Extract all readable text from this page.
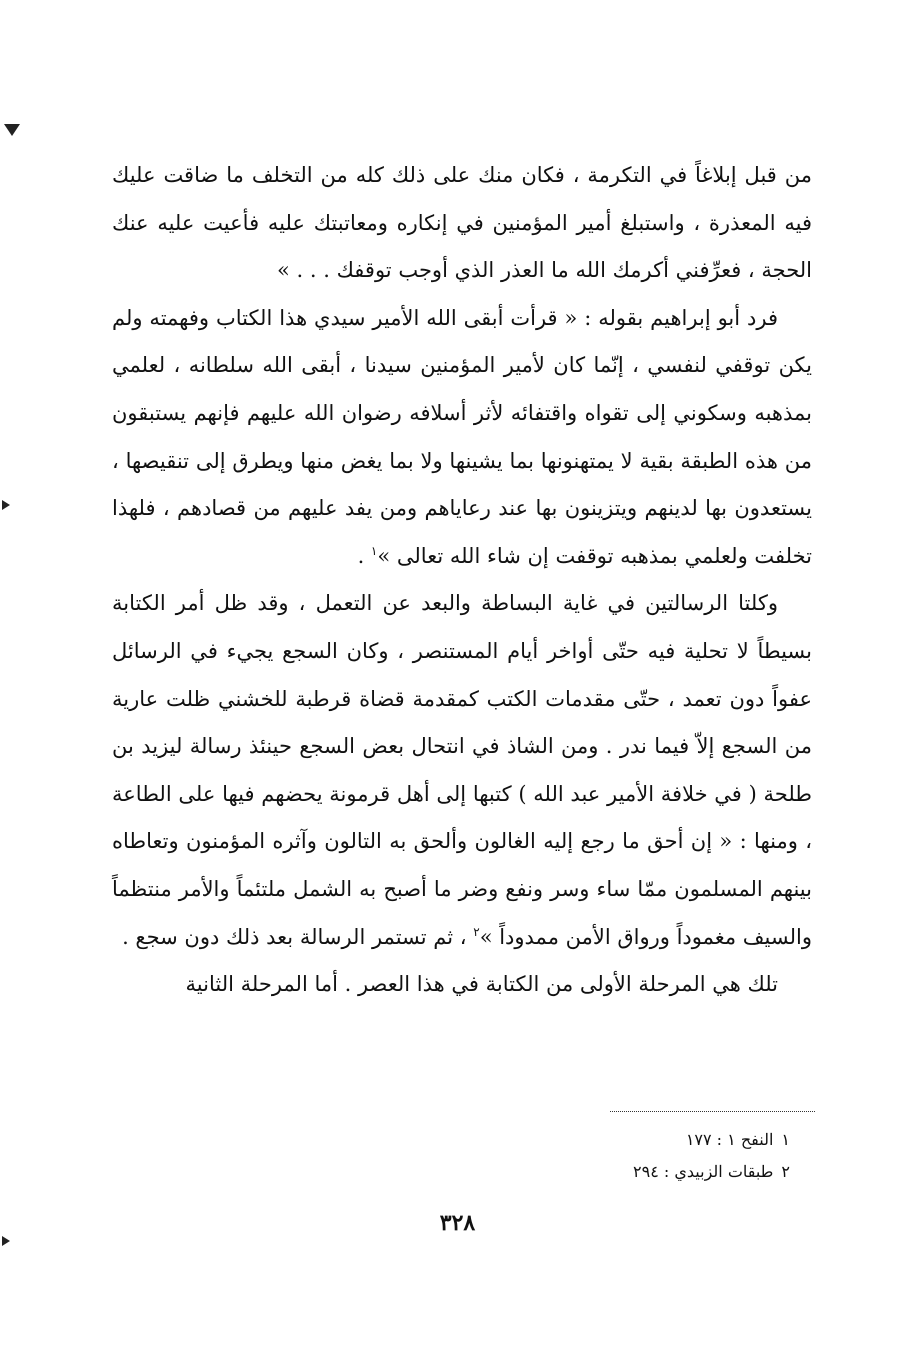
من قبل إبلاغاً في التكرمة ، فكان منك على ذلك كله من التخلف ما ضاقت عليك فيه المعذرة ، واستبلغ أمير المؤمنين في إنكاره ومعاتبتك عليه فأعيت عليه عنك الحجة ، فعرِّفني أكرمك الله ما العذر الذي أوجب توقفك . . . »

فرد أبو إبراهيم بقوله : « قرأت أبقى الله الأمير سيدي هذا الكتاب وفهمته ولم يكن توقفي لنفسي ، إنّما كان لأمير المؤمنين سيدنا ، أبقى الله سلطانه ، لعلمي بمذهبه وسكوني إلى تقواه واقتفائه لأثر أسلافه رضوان الله عليهم فإنهم يستبقون من هذه الطبقة بقية لا يمتهنونها بما يشينها ولا بما يغض منها ويطرق إلى تنقيصها ، يستعدون بها لدينهم ويتزينون بها عند رعاياهم ومن يفد عليهم من قصادهم ، فلهذا تخلفت ولعلمي بمذهبه توقفت إن شاء الله تعالى »$^١$ .

وكلتا الرسالتين في غاية البساطة والبعد عن التعمل ، وقد ظل أمر الكتابة بسيطاً لا تحلية فيه حتّى أواخر أيام المستنصر ، وكان السجع يجيء في الرسائل عفواً دون تعمد ، حتّى مقدمات الكتب كمقدمة قضاة قرطبة للخشني ظلت عارية من السجع إلاّ فيما ندر . ومن الشاذ في انتحال بعض السجع حينئذ رسالة ليزيد بن طلحة ( في خلافة الأمير عبد الله ) كتبها إلى أهل قرمونة يحضهم فيها على الطاعة ، ومنها : « إن أحق ما رجع إليه الغالون وألحق به التالون وآثره المؤمنون وتعاطاه بينهم المسلمون ممّا ساء وسر ونفع وضر ما أصبح به الشمل ملتئماً والأمر منتظماً والسيف مغموداً ورواق الأمن ممدوداً »$^٢$ ، ثم تستمر الرسالة بعد ذلك دون سجع .

تلك هي المرحلة الأولى من الكتابة في هذا العصر . أما المرحلة الثانية

١النفح ١ : ١٧٧
٢طبقات الزبيدي : ٢٩٤
٣٢٨
